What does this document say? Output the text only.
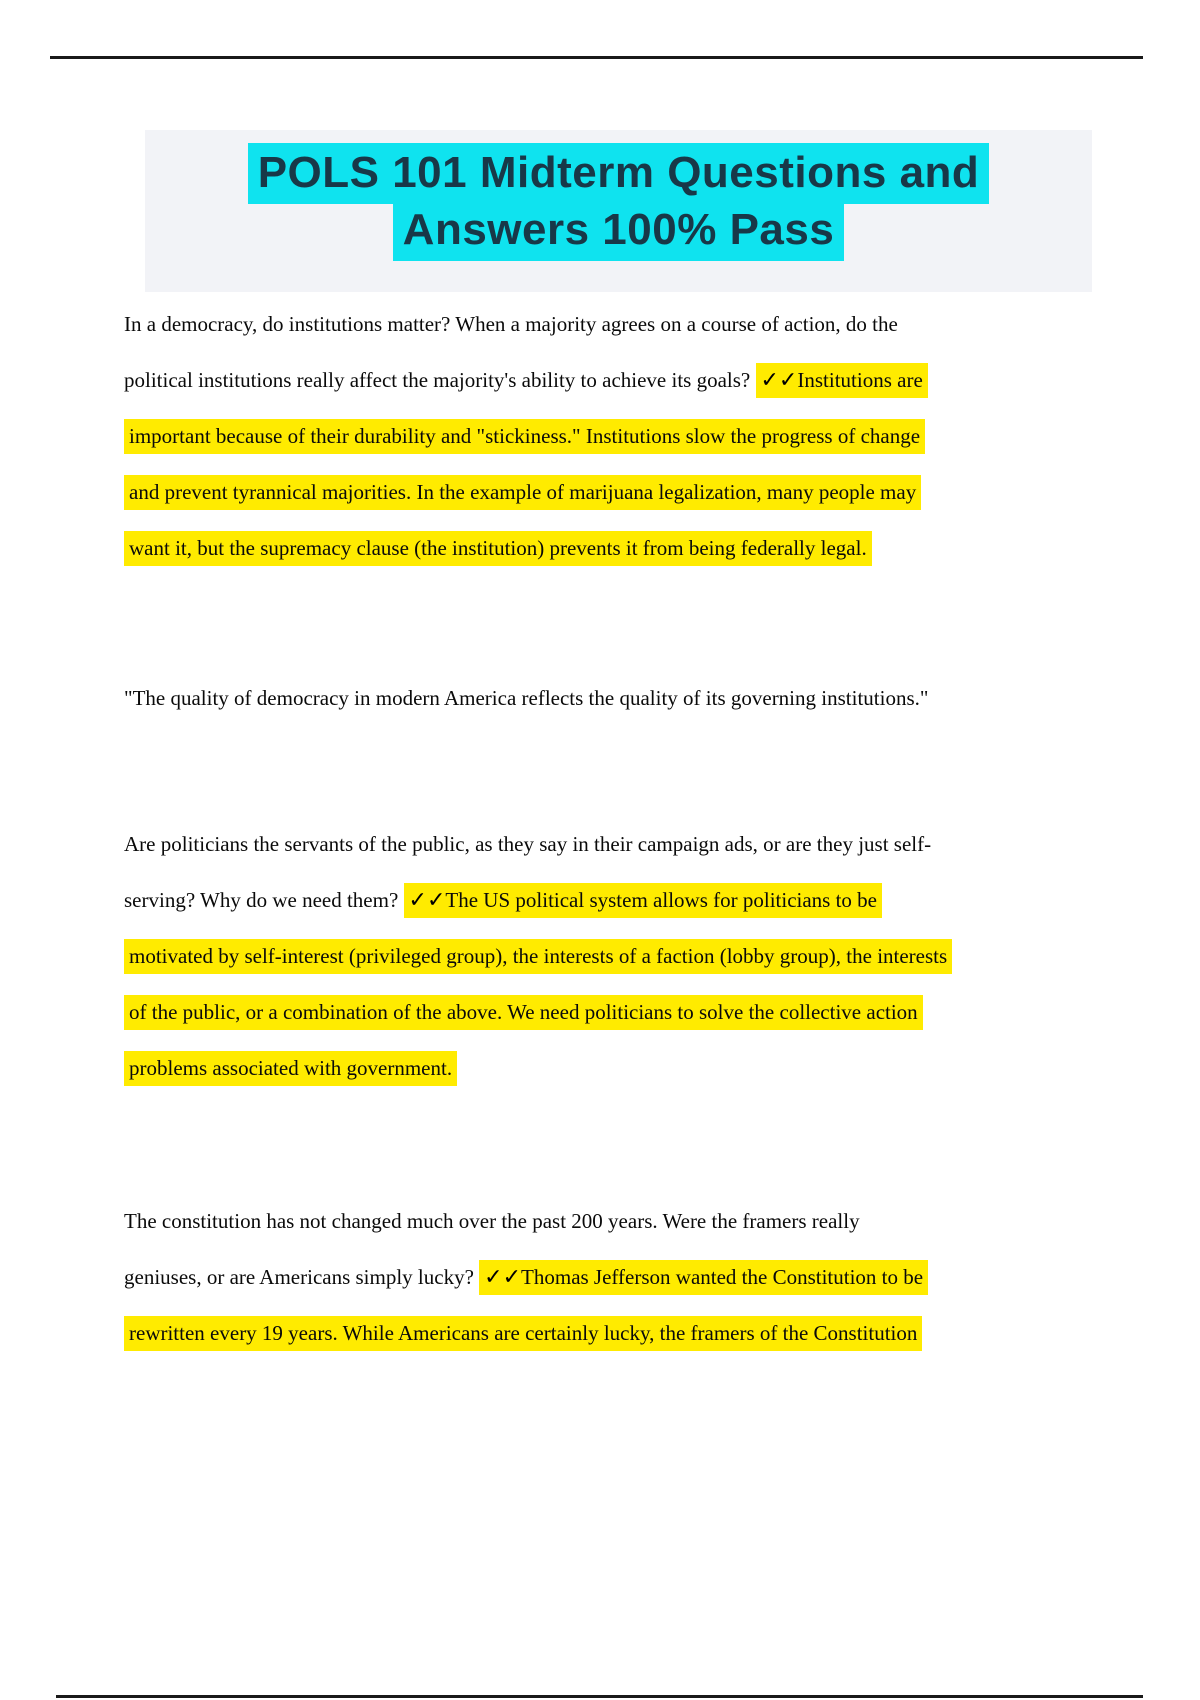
POLS 101 Midterm Questions and
Answers 100% Pass
In a democracy, do institutions matter? When a majority agrees on a course of action, do the
political institutions really affect the majority's ability to achieve its goals? ✓✓Institutions are
important because of their durability and "stickiness." Institutions slow the progress of change
and prevent tyrannical majorities. In the example of marijuana legalization, many people may
want it, but the supremacy clause (the institution) prevents it from being federally legal.
"The quality of democracy in modern America reflects the quality of its governing institutions."
Are politicians the servants of the public, as they say in their campaign ads, or are they just self-
serving? Why do we need them? ✓✓The US political system allows for politicians to be
motivated by self-interest (privileged group), the interests of a faction (lobby group), the interests
of the public, or a combination of the above. We need politicians to solve the collective action
problems associated with government.
The constitution has not changed much over the past 200 years. Were the framers really
geniuses, or are Americans simply lucky? ✓✓Thomas Jefferson wanted the Constitution to be
rewritten every 19 years. While Americans are certainly lucky, the framers of the Constitution
